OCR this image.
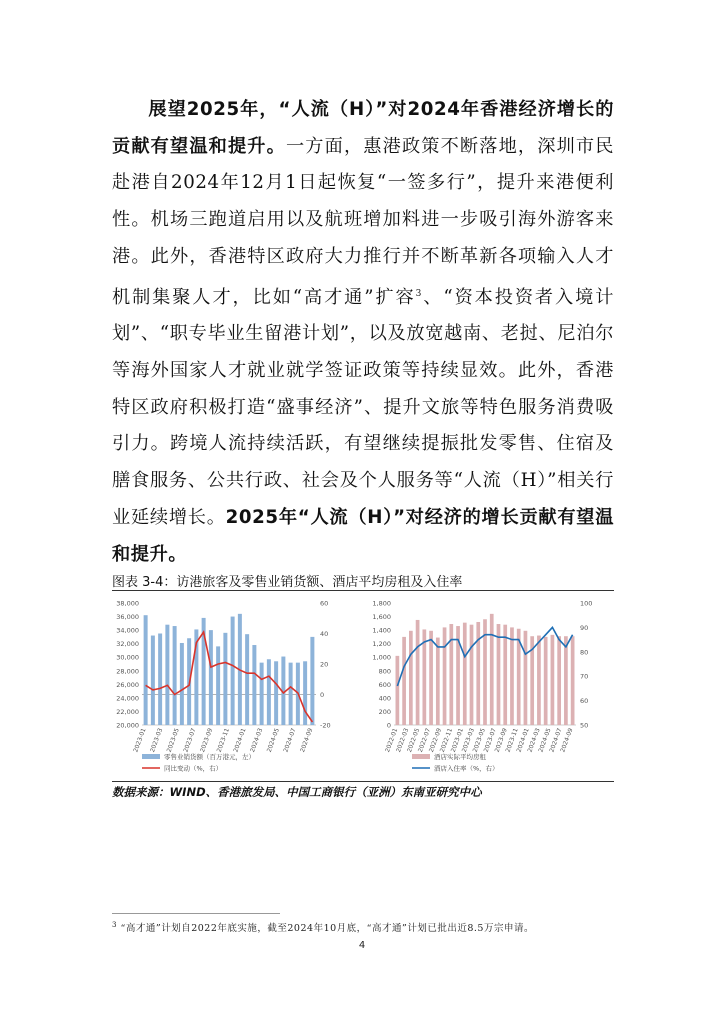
展望2025年，“人流（H）”对2024年香港经济增长的贡献有望温和提升。一方面，惠港政策不断落地，深圳市民赴港自2024年12月1日起恢复“一签多行”，提升来港便利性。机场三跑道启用以及航班增加料进一步吸引海外游客来港。此外，香港特区政府大力推行并不断革新各项输入人才机制集聚人才，比如“高才通”扩容$^3$、“资本投资者入境计划”、“职专毕业生留港计划”，以及放宽越南、老挝、尼泊尔等海外国家人才就业就学签证政策等持续显效。此外，香港特区政府积极打造“盛事经济”、提升文旅等特色服务消费吸引力。跨境人流持续活跃，有望继续提振批发零售、住宿及膳食服务、公共行政、社会及个人服务等“人流（H）”相关行业延续增长。2025年“人流（H）”对经济的增长贡献有望温和提升。

图表 3-4：访港旅客及零售业销货额、酒店平均房租及入住率
38,000
36,000
34,000
32,000
30,000
28,000
26,000
24,000
22,000
20,000
60
40
20
0
-20
2023-01 2023-03 2023-05 2023-07 2023-09 2023-11 2024-01 2024-03 2024-05 2024-07 2024-09
零售业销货额（百万港元，左）
同比变动（%，右）
1,800
1,600
1,400
1,200
1,000
800
600
400
200
0
100
90
80
70
60
50
2022-01
2022-03
2022-05
2022-07
2022-09
2022-11
2023-01
2023-03
2023-05
2023-07
2023-09
2023-11
2024-01
2024-03
2024-05
2024-07
2024-09
酒店实际平均房租
酒店入住率（%，右）
数据来源：WIND、香港旅发局、中国工商银行（亚洲）东南亚研究中心
$^3$ “高才通”计划自2022年底实施，截至2024年10月底，“高才通”计划已批出近8.5万宗申请。
4
